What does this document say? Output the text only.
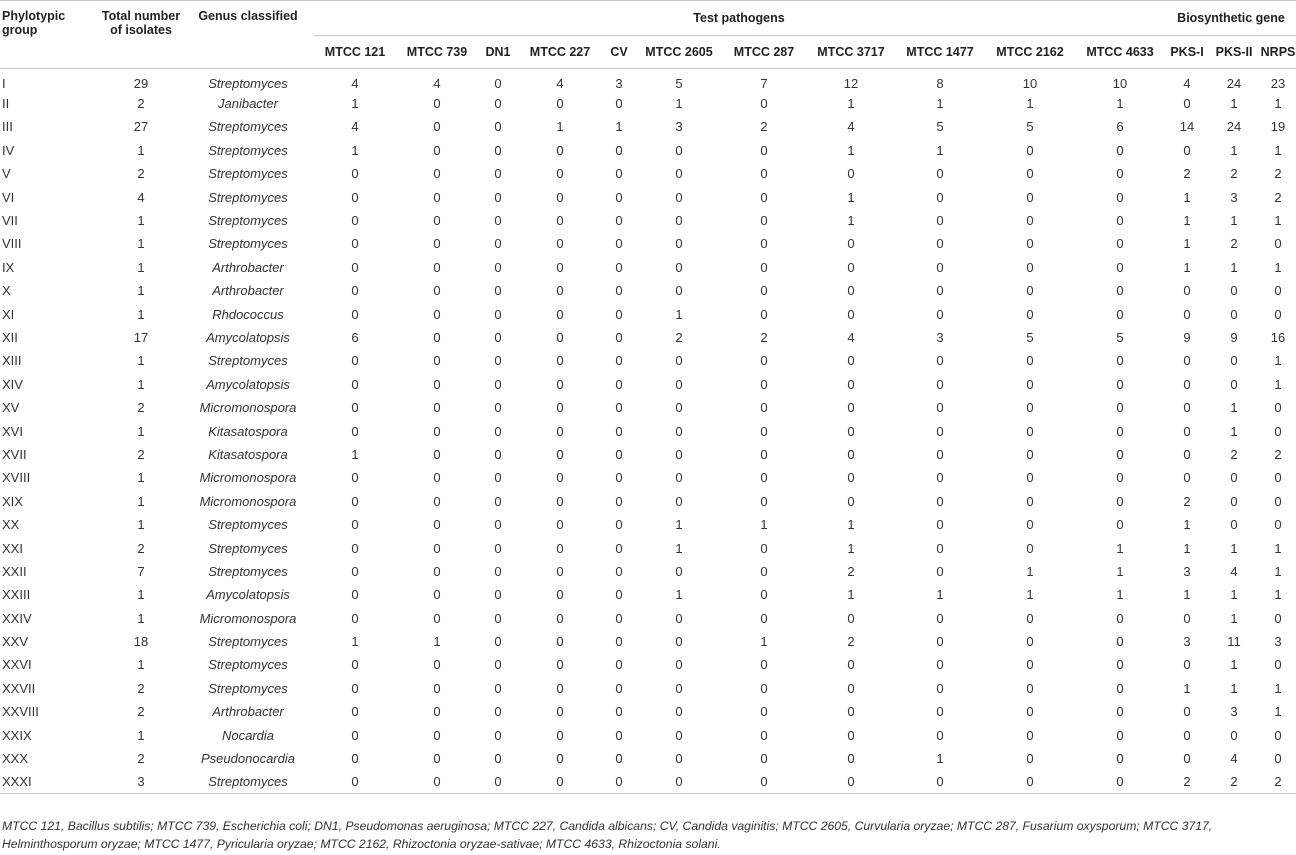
Phylotypic group	Total number of isolates	Genus classified	Test pathogens											Biosynthetic gene		
			MTCC 121	MTCC 739	DN1	MTCC 227	CV	MTCC 2605	MTCC 287	MTCC 3717	MTCC 1477	MTCC 2162	MTCC 4633	PKS-I	PKS-II	NRPS
I	29	Streptomyces	4	4	0	4	3	5	7	12	8	10	10	4	24	23
II	2	Janibacter	1	0	0	0	0	1	0	1	1	1	1	0	1	1
III	27	Streptomyces	4	0	0	1	1	3	2	4	5	5	6	14	24	19
IV	1	Streptomyces	1	0	0	0	0	0	0	1	1	0	0	0	1	1
V	2	Streptomyces	0	0	0	0	0	0	0	0	0	0	0	2	2	2
VI	4	Streptomyces	0	0	0	0	0	0	0	1	0	0	0	1	3	2
VII	1	Streptomyces	0	0	0	0	0	0	0	1	0	0	0	1	1	1
VIII	1	Streptomyces	0	0	0	0	0	0	0	0	0	0	0	1	2	0
IX	1	Arthrobacter	0	0	0	0	0	0	0	0	0	0	0	1	1	1
X	1	Arthrobacter	0	0	0	0	0	0	0	0	0	0	0	0	0	0
XI	1	Rhdococcus	0	0	0	0	0	1	0	0	0	0	0	0	0	0
XII	17	Amycolatopsis	6	0	0	0	0	2	2	4	3	5	5	9	9	16
XIII	1	Streptomyces	0	0	0	0	0	0	0	0	0	0	0	0	0	1
XIV	1	Amycolatopsis	0	0	0	0	0	0	0	0	0	0	0	0	0	1
XV	2	Micromonospora	0	0	0	0	0	0	0	0	0	0	0	0	1	0
XVI	1	Kitasatospora	0	0	0	0	0	0	0	0	0	0	0	0	1	0
XVII	2	Kitasatospora	1	0	0	0	0	0	0	0	0	0	0	0	2	2
XVIII	1	Micromonospora	0	0	0	0	0	0	0	0	0	0	0	0	0	0
XIX	1	Micromonospora	0	0	0	0	0	0	0	0	0	0	0	2	0	0
XX	1	Streptomyces	0	0	0	0	0	1	1	1	0	0	0	1	0	0
XXI	2	Streptomyces	0	0	0	0	0	1	0	1	0	0	1	1	1	1
XXII	7	Streptomyces	0	0	0	0	0	0	0	2	0	1	1	3	4	1
XXIII	1	Amycolatopsis	0	0	0	0	0	1	0	1	1	1	1	1	1	1
XXIV	1	Micromonospora	0	0	0	0	0	0	0	0	0	0	0	0	1	0
XXV	18	Streptomyces	1	1	0	0	0	0	1	2	0	0	0	3	11	3
XXVI	1	Streptomyces	0	0	0	0	0	0	0	0	0	0	0	0	1	0
XXVII	2	Streptomyces	0	0	0	0	0	0	0	0	0	0	0	1	1	1
XXVIII	2	Arthrobacter	0	0	0	0	0	0	0	0	0	0	0	0	3	1
XXIX	1	Nocardia	0	0	0	0	0	0	0	0	0	0	0	0	0	0
XXX	2	Pseudonocardia	0	0	0	0	0	0	0	0	1	0	0	0	4	0
XXXI	3	Streptomyces	0	0	0	0	0	0	0	0	0	0	0	2	2	2
MTCC 121, Bacillus subtilis; MTCC 739, Escherichia coli; DN1, Pseudomonas aeruginosa; MTCC 227, Candida albicans; CV, Candida vaginitis; MTCC 2605, Curvularia oryzae; MTCC 287, Fusarium oxysporum; MTCC 3717, Helminthosporum oryzae; MTCC 1477, Pyricularia oryzae; MTCC 2162, Rhizoctonia oryzae-sativae; MTCC 4633, Rhizoctonia solani.
